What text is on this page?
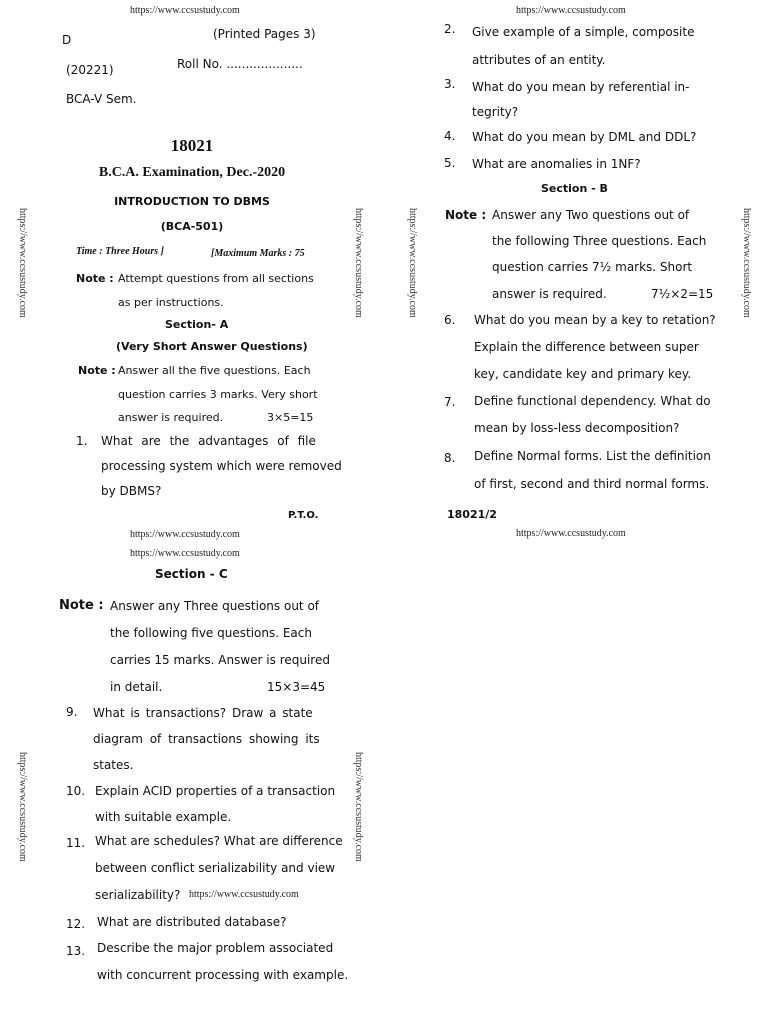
https://www.ccsustudy.com	https://www.ccsustudy.com
https://www.ccsustudy.com	https://www.ccsustudy.com
https://www.ccsustudy.com
https://www.ccsustudy.com	https://www.ccsustudy.com	https://www.ccsustudy.com	https://www.ccsustudy.com
https://www.ccsustudy.com	https://www.ccsustudy.com
D	(Printed Pages 3)
(20221)	Roll No. ....................
BCA-V Sem.
18021
B.C.A. Examination, Dec.-2020
INTRODUCTION TO DBMS
(BCA-501)
Time : Three Hours ]	[Maximum Marks : 75
Note : Attempt questions from all sections
as per instructions.
Section- A
(Very Short Answer Questions)
Note : Answer all the five questions. Each
question carries 3 marks. Very short
answer is required.	3×5=15
1. What are the advantages of file
processing system which were removed
by DBMS?
P.T.O.
2. Give example of a simple, composite
attributes of an entity.
3. What do you mean by referential in-
tegrity?
4. What do you mean by DML and DDL?
5. What are anomalies in 1NF?
Section - B
Note : Answer any Two questions out of
the following Three questions. Each
question carries 7½ marks. Short
answer is required.	7½×2=15
6. What do you mean by a key to retation?
Explain the difference between super
key, candidate key and primary key.
7. Define functional dependency. What do
mean by loss-less decomposition?
8. Define Normal forms. List the definition
of first, second and third normal forms.
18021/2
Section - C
Note : Answer any Three questions out of
the following five questions. Each
carries 15 marks. Answer is required
in detail.	15×3=45
9. What is transactions? Draw a state
diagram of transactions showing its
states.
10. Explain ACID properties of a transaction
with suitable example.
11. What are schedules? What are difference
between conflict serializability and view
serializability? https://www.ccsustudy.com
12. What are distributed database?
13. Describe the major problem associated
with concurrent processing with example.
